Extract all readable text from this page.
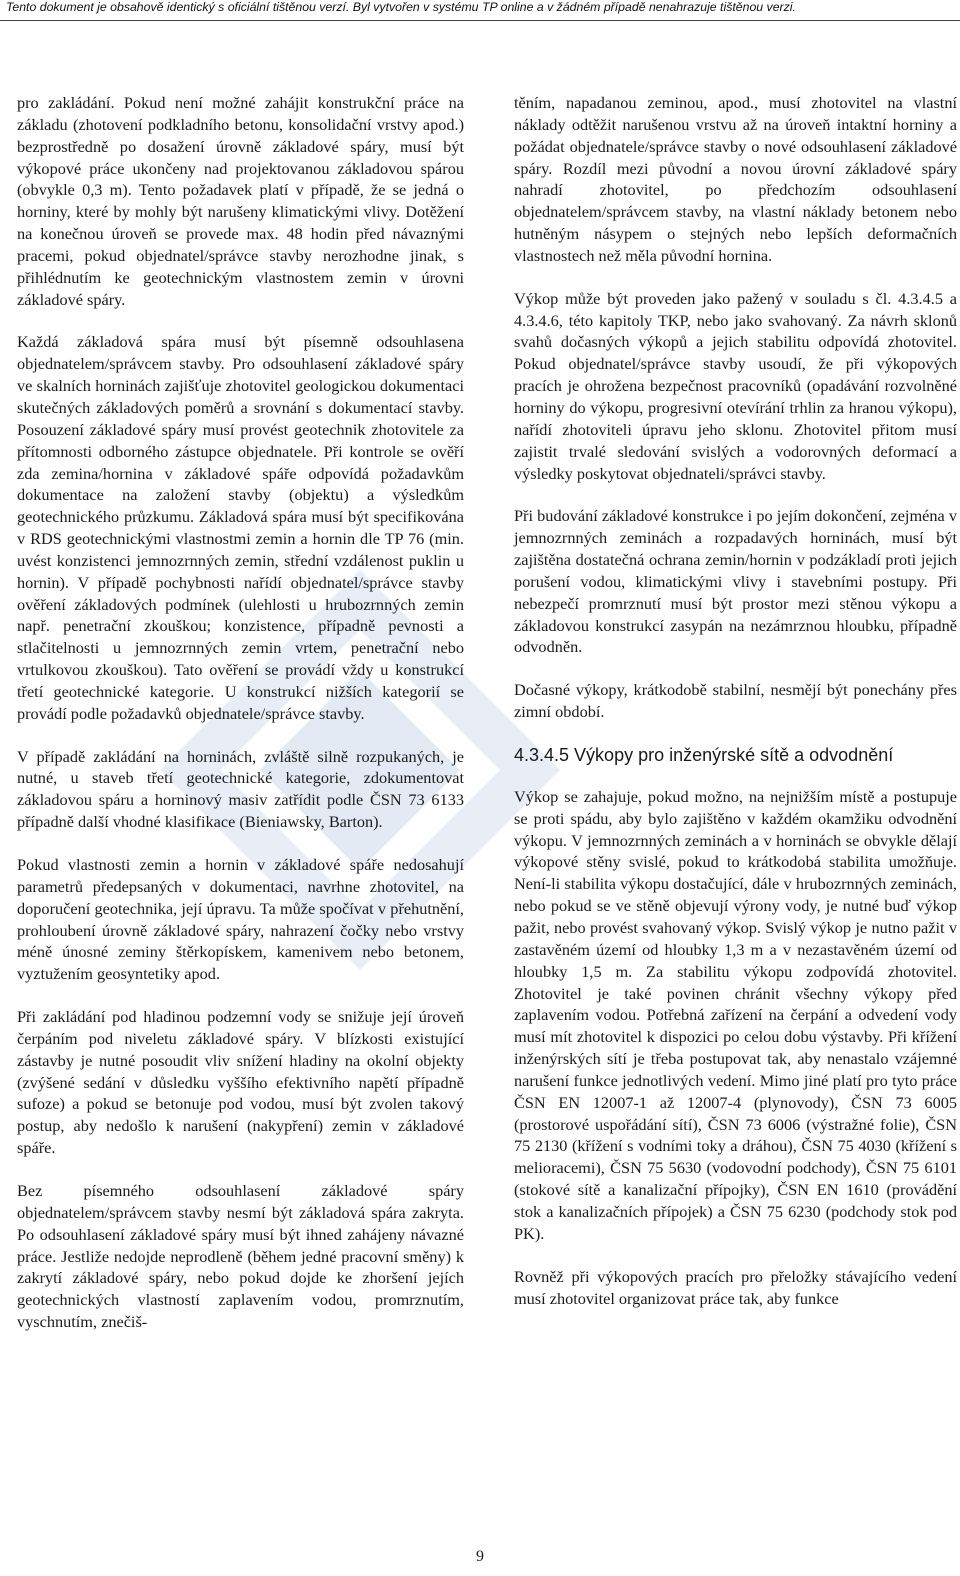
Tento dokument je obsahově identický s oficiální tištěnou verzí. Byl vytvořen v systému TP online a v žádném případě nenahrazuje tištěnou verzi.

pro zakládání. Pokud není možné zahájit konstrukční práce na základu (zhotovení podkladního betonu, konsolidační vrstvy apod.) bezprostředně po dosažení úrovně základové spáry, musí být výkopové práce ukončeny nad projektovanou základovou spárou (obvykle 0,3 m). Tento požadavek platí v případě, že se jedná o horniny, které by mohly být narušeny klimatickými vlivy. Dotěžení na konečnou úroveň se provede max. 48 hodin před návaznými pracemi, pokud objednatel/správce stavby nerozhodne jinak, s přihlédnutím ke geotechnickým vlastnostem zemin v úrovni základové spáry.

Každá základová spára musí být písemně odsouhlasena objednatelem/správcem stavby. Pro odsouhlasení základové spáry ve skalních horninách zajišťuje zhotovitel geologickou dokumentaci skutečných základových poměrů a srovnání s dokumentací stavby. Posouzení základové spáry musí provést geotechnik zhotovitele za přítomnosti odborného zástupce objednatele. Při kontrole se ověří zda zemina/hornina v základové spáře odpovídá požadavkům dokumentace na založení stavby (objektu) a výsledkům geotechnického průzkumu. Základová spára musí být specifikována v RDS geotechnickými vlastnostmi zemin a hornin dle TP 76 (min. uvést konzistenci jemnozrnných zemin, střední vzdálenost puklin u hornin). V případě pochybnosti nařídí objednatel/správce stavby ověření základových podmínek (ulehlosti u hrubozrnných zemin např. penetrační zkouškou; konzistence, případně pevnosti a stlačitelnosti u jemnozrnných zemin vrtem, penetrační nebo vrtulkovou zkouškou). Tato ověření se provádí vždy u konstrukcí třetí geotechnické kategorie. U konstrukcí nižších kategorií se provádí podle požadavků objednatele/správce stavby.

V případě zakládání na horninách, zvláště silně rozpukaných, je nutné, u staveb třetí geotechnické kategorie, zdokumentovat základovou spáru a horninový masiv zatřídit podle ČSN 73 6133 případně další vhodné klasifikace (Bieniawsky, Barton).

Pokud vlastnosti zemin a hornin v základové spáře nedosahují parametrů předepsaných v dokumentaci, navrhne zhotovitel, na doporučení geotechnika, její úpravu. Ta může spočívat v přehutnění, prohloubení úrovně základové spáry, nahrazení čočky nebo vrstvy méně únosné zeminy štěrkopískem, kamenivem nebo betonem, vyztužením geosyntetiky apod.

Při zakládání pod hladinou podzemní vody se snižuje její úroveň čerpáním pod niveletu základové spáry. V blízkosti existující zástavby je nutné posoudit vliv snížení hladiny na okolní objekty (zvýšené sedání v důsledku vyššího efektivního napětí případně sufoze) a pokud se betonuje pod vodou, musí být zvolen takový postup, aby nedošlo k narušení (nakypření) zemin v základové spáře.

Bez písemného odsouhlasení základové spáry objednatelem/správcem stavby nesmí být základová spára zakryta. Po odsouhlasení základové spáry musí být ihned zahájeny návazné práce. Jestliže nedojde neprodleně (během jedné pracovní směny) k zakrytí základové spáry, nebo pokud dojde ke zhoršení jejích geotechnických vlastností zaplavením vodou, promrznutím, vyschnutím, znečiš-

těním, napadanou zeminou, apod., musí zhotovitel na vlastní náklady odtěžit narušenou vrstvu až na úroveň intaktní horniny a požádat objednatele/správce stavby o nové odsouhlasení základové spáry. Rozdíl mezi původní a novou úrovní základové spáry nahradí zhotovitel, po předchozím odsouhlasení objednatelem/správcem stavby, na vlastní náklady betonem nebo hutněným násypem o stejných nebo lepších deformačních vlastnostech než měla původní hornina.

Výkop může být proveden jako pažený v souladu s čl. 4.3.4.5 a 4.3.4.6, této kapitoly TKP, nebo jako svahovaný. Za návrh sklonů svahů dočasných výkopů a jejich stabilitu odpovídá zhotovitel. Pokud objednatel/správce stavby usoudí, že při výkopových pracích je ohrožena bezpečnost pracovníků (opadávání rozvolněné horniny do výkopu, progresivní otevírání trhlin za hranou výkopu), nařídí zhotoviteli úpravu jeho sklonu. Zhotovitel přitom musí zajistit trvalé sledování svislých a vodorovných deformací a výsledky poskytovat objednateli/správci stavby.

Při budování základové konstrukce i po jejím dokončení, zejména v jemnozrnných zeminách a rozpadavých horninách, musí být zajištěna dostatečná ochrana zemin/hornin v podzákladí proti jejich porušení vodou, klimatickými vlivy i stavebními postupy. Při nebezpečí promrznutí musí být prostor mezi stěnou výkopu a základovou konstrukcí zasypán na nezámrznou hloubku, případně odvodněn.

Dočasné výkopy, krátkodobě stabilní, nesmějí být ponechány přes zimní období.

4.3.4.5 Výkopy pro inženýrské sítě a odvodnění

Výkop se zahajuje, pokud možno, na nejnižším místě a postupuje se proti spádu, aby bylo zajištěno v každém okamžiku odvodnění výkopu. V jemnozrnných zeminách a v horninách se obvykle dělají výkopové stěny svislé, pokud to krátkodobá stabilita umožňuje. Není-li stabilita výkopu dostačující, dále v hrubozrnných zeminách, nebo pokud se ve stěně objevují výrony vody, je nutné buď výkop pažit, nebo provést svahovaný výkop. Svislý výkop je nutno pažit v zastavěném území od hloubky 1,3 m a v nezastavěném území od hloubky 1,5 m. Za stabilitu výkopu zodpovídá zhotovitel. Zhotovitel je také povinen chránit všechny výkopy před zaplavením vodou. Potřebná zařízení na čerpání a odvedení vody musí mít zhotovitel k dispozici po celou dobu výstavby. Při křížení inženýrských sítí je třeba postupovat tak, aby nenastalo vzájemné narušení funkce jednotlivých vedení. Mimo jiné platí pro tyto práce ČSN EN 12007-1 až 12007-4 (plynovody), ČSN 73 6005 (prostorové uspořádání sítí), ČSN 73 6006 (výstražné folie), ČSN 75 2130 (křížení s vodními toky a dráhou), ČSN 75 4030 (křížení s melioracemi), ČSN 75 5630 (vodovodní podchody), ČSN 75 6101 (stokové sítě a kanalizační přípojky), ČSN EN 1610 (provádění stok a kanalizačních přípojek) a ČSN 75 6230 (podchody stok pod PK).

Rovněž při výkopových pracích pro přeložky stávajícího vedení musí zhotovitel organizovat práce tak, aby funkce

9
